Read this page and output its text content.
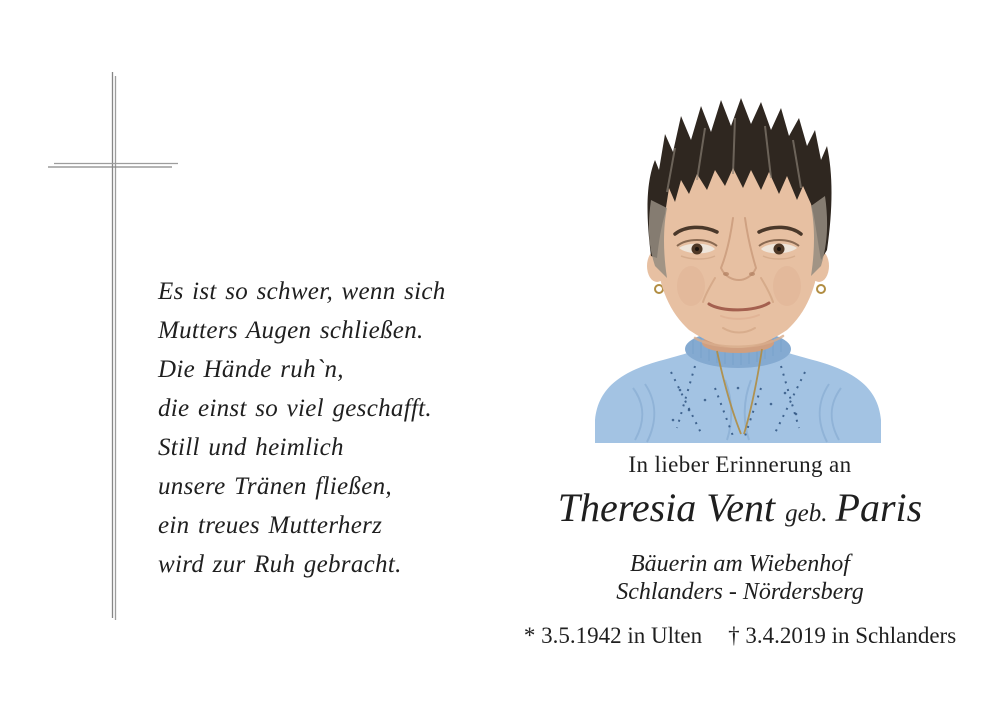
Es ist so schwer, wenn sich
Mutters Augen schließen.
Die Hände ruh`n,
die einst so viel geschafft.
Still und heimlich
unsere Tränen fließen,
ein treues Mutterherz
wird zur Ruh gebracht.
In lieber Erinnerung an
Theresia Vent geb. Paris
Bäuerin am Wiebenhof
Schlanders - Nördersberg
* 3.5.1942 in Ulten † 3.4.2019 in Schlanders
